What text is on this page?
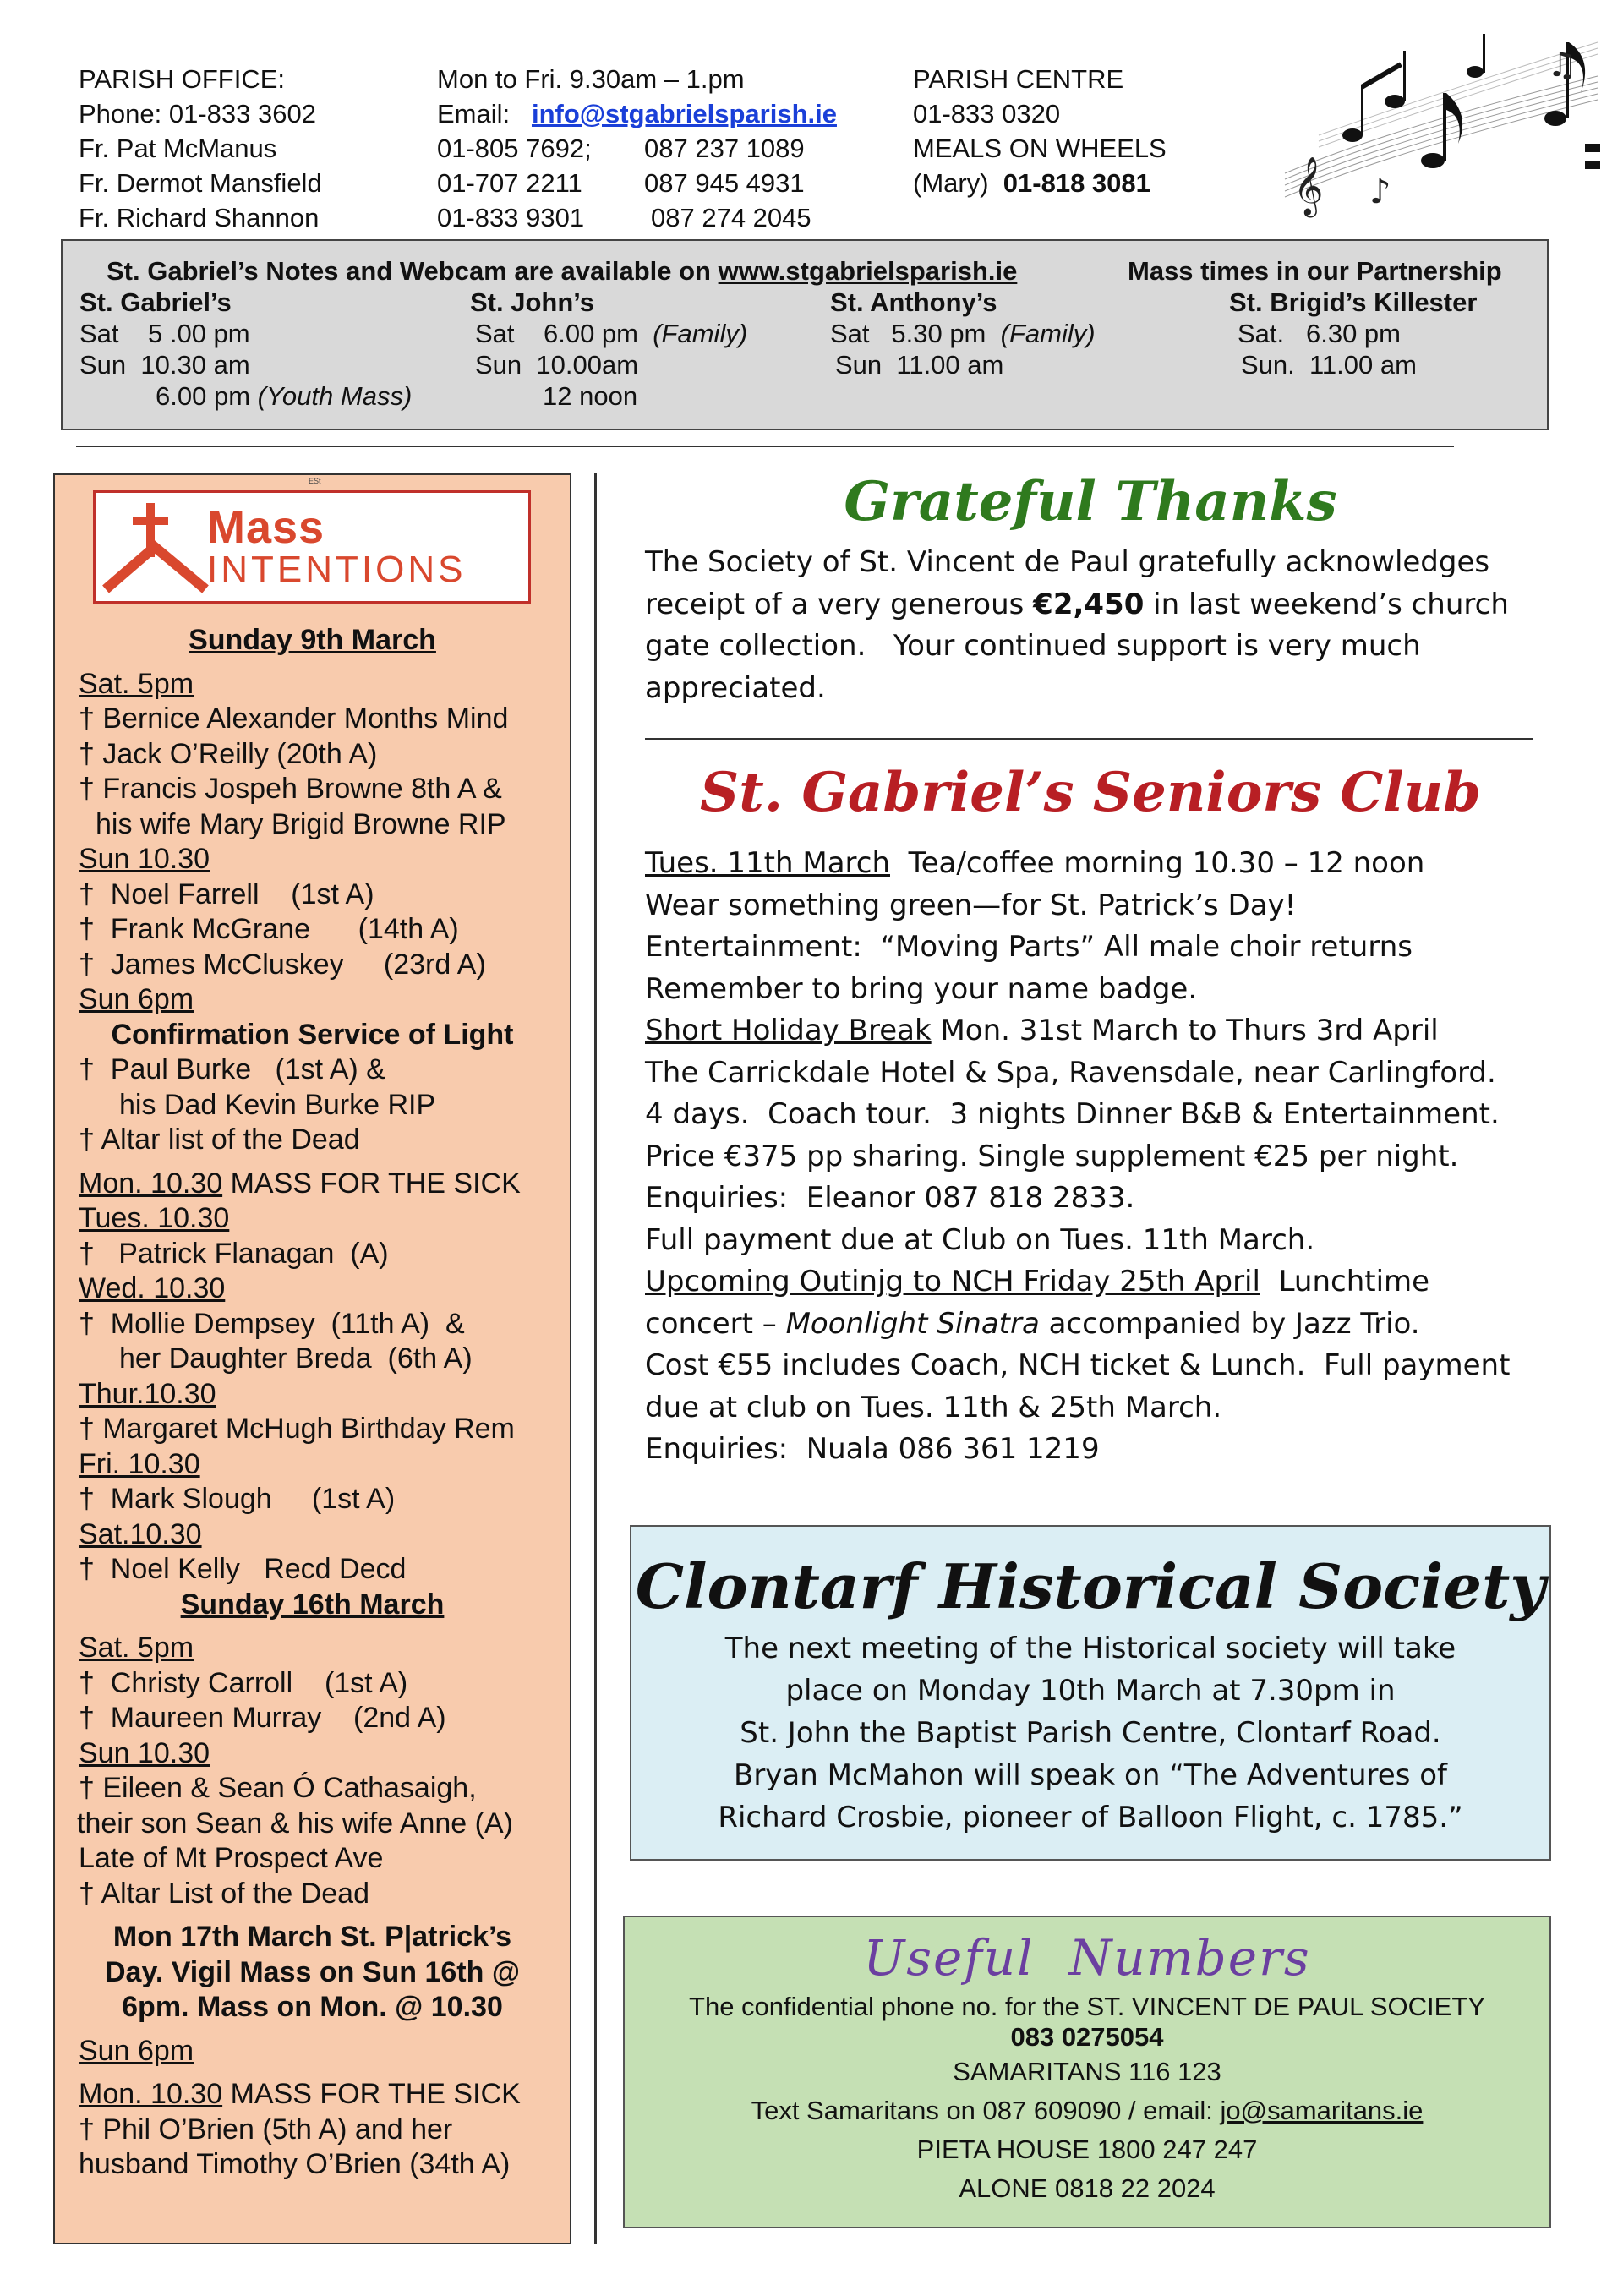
PARISH OFFICE:
Phone: 01-833 3602
Fr. Pat McManus
Fr. Dermot Mansfield
Fr. Richard Shannon
Mon to Fri. 9.30am – 1.pm
Email: info@stgabrielsparish.ie
01-805 7692;
01-707 2211
01-833 9301
087 237 1089
087 945 4931
087 274 2045
PARISH CENTRE
01-833 0320
MEALS ON WHEELS
(Mary) 01-818 3081	𝄞 ♪
♫
St. Gabriel’s Notes and Webcam are available on www.stgabrielsparish.ie	Mass times in our Partnership
St. Gabriel’s
Sat    5 .00 pm
Sun  10.30 am
6.00 pm (Youth Mass)
St. John’s
Sat    6.00 pm (Family)
Sun  10.00am
12 noon
St. Anthony’s
Sat   5.30 pm (Family)
Sun  11.00 am
St. Brigid’s Killester
Sat.   6.30 pm
Sun.  11.00 am
ESt
Mass
INTENTIONS
Sunday 9th March
Sat. 5pm
† Bernice Alexander Months Mind
† Jack O’Reilly (20th A)
† Francis Jospeh Browne 8th A &
his wife Mary Brigid Browne RIP
Sun 10.30
†  Noel Farrell    (1st A)
†  Frank McGrane      (14th A)
†  James McCluskey     (23rd A)
Sun 6pm
Confirmation Service of Light
†  Paul Burke   (1st A) &
his Dad Kevin Burke RIP
† Altar list of the Dead
Mon. 10.30 MASS FOR THE SICK
Tues. 10.30
†   Patrick Flanagan  (A)
Wed. 10.30
†  Mollie Dempsey  (11th A)  &
her Daughter Breda  (6th A)
Thur.10.30
† Margaret McHugh Birthday Rem
Fri. 10.30
†  Mark Slough     (1st A)
Sat.10.30
†  Noel Kelly   Recd Decd
Sunday 16th March
Sat. 5pm
†  Christy Carroll    (1st A)
†  Maureen Murray    (2nd A)
Sun 10.30
† Eileen & Sean Ó Cathasaigh,
their son Sean & his wife Anne (A)
Late of Mt Prospect Ave
† Altar List of the Dead
Mon 17th March St. P|atrick’s
Day. Vigil Mass on Sun 16th @
6pm. Mass on Mon. @ 10.30
Sun 6pm
Mon. 10.30 MASS FOR THE SICK
† Phil O’Brien (5th A) and her
husband Timothy O’Brien (34th A)
Grateful Thanks
The Society of St. Vincent de Paul gratefully acknowledges
receipt of a very generous €2,450 in last weekend’s church
gate collection.   Your continued support is very much
appreciated.
St. Gabriel’s Seniors Club
Tues. 11th March  Tea/coffee morning 10.30 – 12 noon
Wear something green—for St. Patrick’s Day!
Entertainment:  “Moving Parts” All male choir returns
Remember to bring your name badge.
Short Holiday Break Mon. 31st March to Thurs 3rd April
The Carrickdale Hotel & Spa, Ravensdale, near Carlingford.
4 days.  Coach tour.  3 nights Dinner B&B & Entertainment.
Price €375 pp sharing. Single supplement €25 per night.
Enquiries:  Eleanor 087 818 2833.
Full payment due at Club on Tues. 11th March.
Upcoming Outinjg to NCH Friday 25th April  Lunchtime
concert – Moonlight Sinatra accompanied by Jazz Trio.
Cost €55 includes Coach, NCH ticket & Lunch.  Full payment
due at club on Tues. 11th & 25th March.
Enquiries:  Nuala 086 361 1219
Clontarf Historical Society
The next meeting of the Historical society will take
place on Monday 10th March at 7.30pm in
St. John the Baptist Parish Centre, Clontarf Road.
Bryan McMahon will speak on “The Adventures of
Richard Crosbie, pioneer of Balloon Flight, c. 1785.”
Useful  Numbers
The confidential phone no. for the ST. VINCENT DE PAUL SOCIETY
083 0275054
SAMARITANS 116 123
Text Samaritans on 087 609090 / email: jo@samaritans.ie
PIETA HOUSE 1800 247 247
ALONE 0818 22 2024
